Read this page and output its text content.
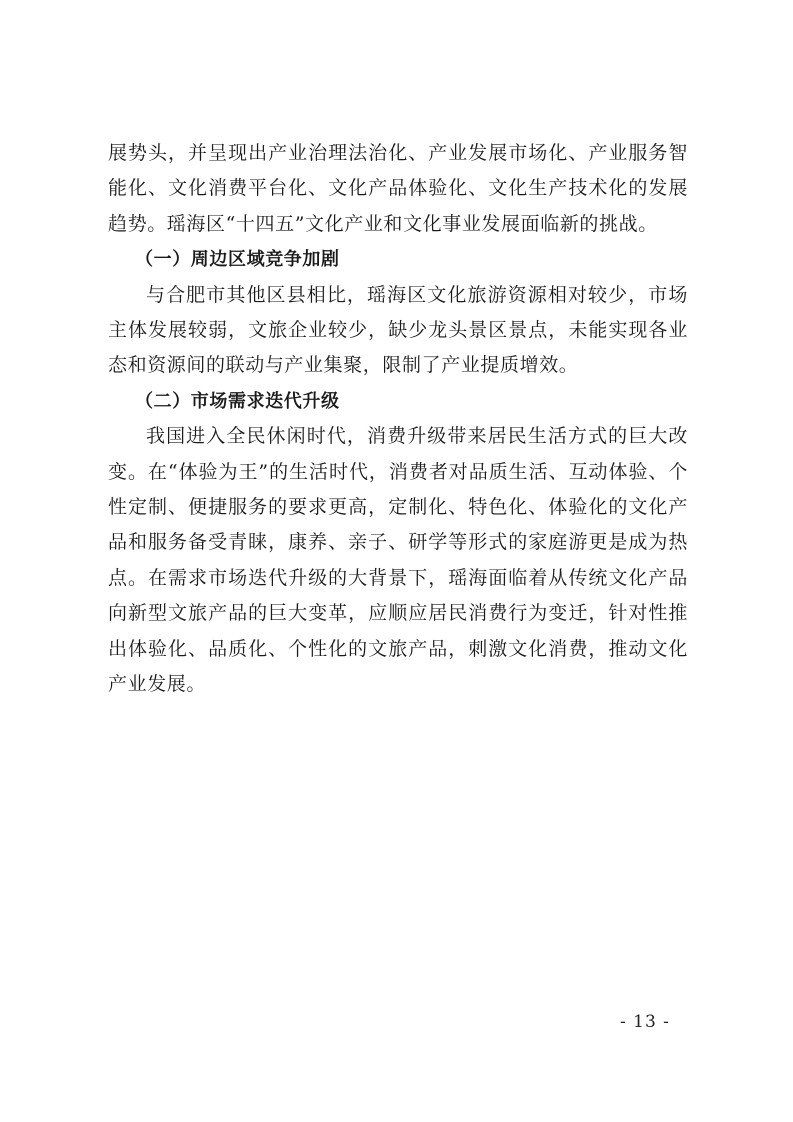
展势头，并呈现出产业治理法治化、产业发展市场化、产业服务智能化、文化消费平台化、文化产品体验化、文化生产技术化的发展趋势。瑶海区“十四五”文化产业和文化事业发展面临新的挑战。

（一）周边区域竞争加剧

与合肥市其他区县相比，瑶海区文化旅游资源相对较少，市场主体发展较弱，文旅企业较少，缺少龙头景区景点，未能实现各业态和资源间的联动与产业集聚，限制了产业提质增效。

（二）市场需求迭代升级

我国进入全民休闲时代，消费升级带来居民生活方式的巨大改变。在“体验为王”的生活时代，消费者对品质生活、互动体验、个性定制、便捷服务的要求更高，定制化、特色化、体验化的文化产品和服务备受青睐，康养、亲子、研学等形式的家庭游更是成为热点。在需求市场迭代升级的大背景下，瑶海面临着从传统文化产品向新型文旅产品的巨大变革，应顺应居民消费行为变迁，针对性推出体验化、品质化、个性化的文旅产品，刺激文化消费，推动文化产业发展。

- 13 -
